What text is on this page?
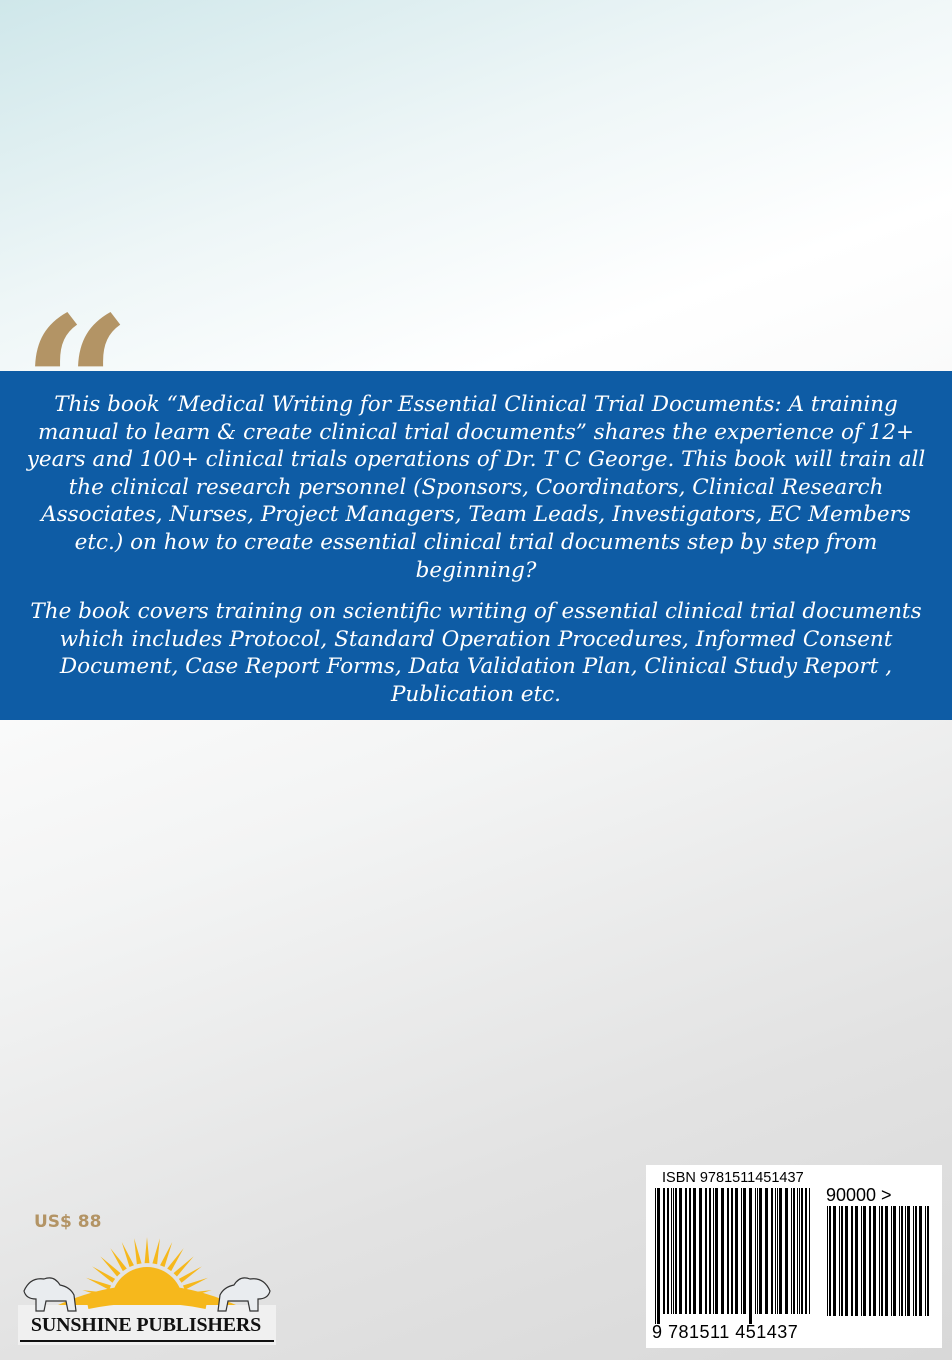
This book “Medical Writing for Essential Clinical Trial Documents: A training manual to learn & create clinical trial documents” shares the experience of 12+ years and 100+ clinical trials operations of Dr. T C George. This book will train all the clinical research personnel (Sponsors, Coordinators, Clinical Research Associates, Nurses, Project Managers, Team Leads, Investigators, EC Members etc.) on how to create essential clinical trial documents step by step from beginning?

The book covers training on scientific writing of essential clinical trial documents which includes Protocol, Standard Operation Procedures, Informed Consent Document, Case Report Forms, Data Validation Plan, Clinical Study Report , Publication etc.

US$ 88
SUNSHINE PUBLISHERS
ISBN 9781511451437
90000 >
9 781511 451437
